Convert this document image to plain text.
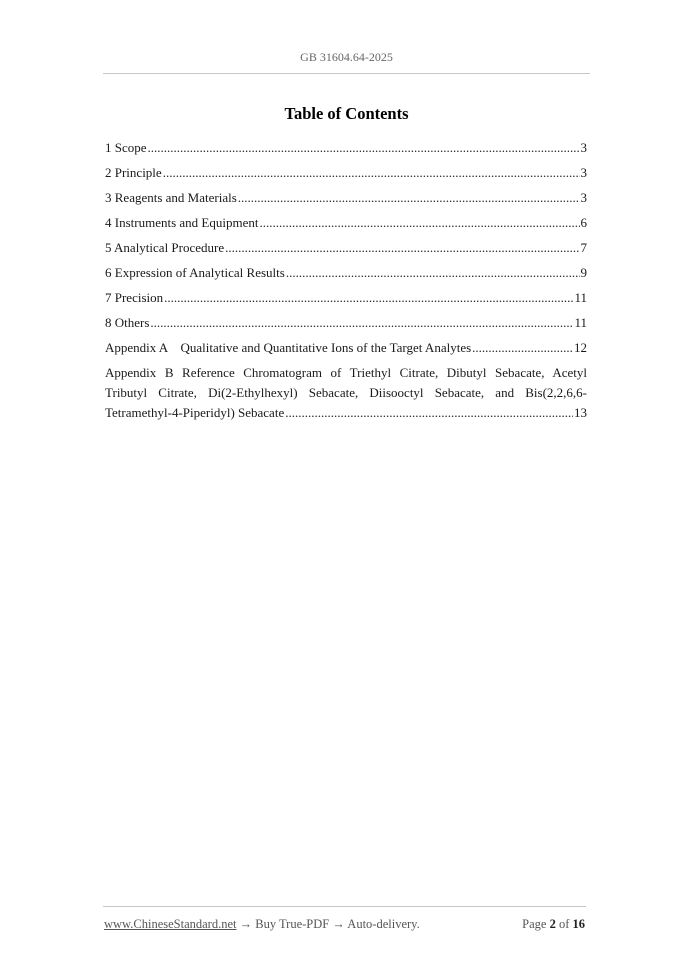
GB 31604.64-2025
Table of Contents
1 Scope .....	3
2 Principle .....	3
3 Reagents and Materials .....	3
4 Instruments and Equipment .....	6
5 Analytical Procedure .....	7
6 Expression of Analytical Results .....	9
7 Precision .....	11
8 Others .....	11
Appendix A    Qualitative and Quantitative Ions of the Target Analytes .....	12
Appendix B Reference Chromatogram of Triethyl Citrate, Dibutyl Sebacate, Acetyl
Tributyl Citrate, Di(2-Ethylhexyl) Sebacate, Diisooctyl Sebacate, and Bis(2,2,6,6-
Tetramethyl-4-Piperidyl) Sebacate .....	13
www.ChineseStandard.net → Buy True-PDF → Auto-delivery.	Page 2 of 16
